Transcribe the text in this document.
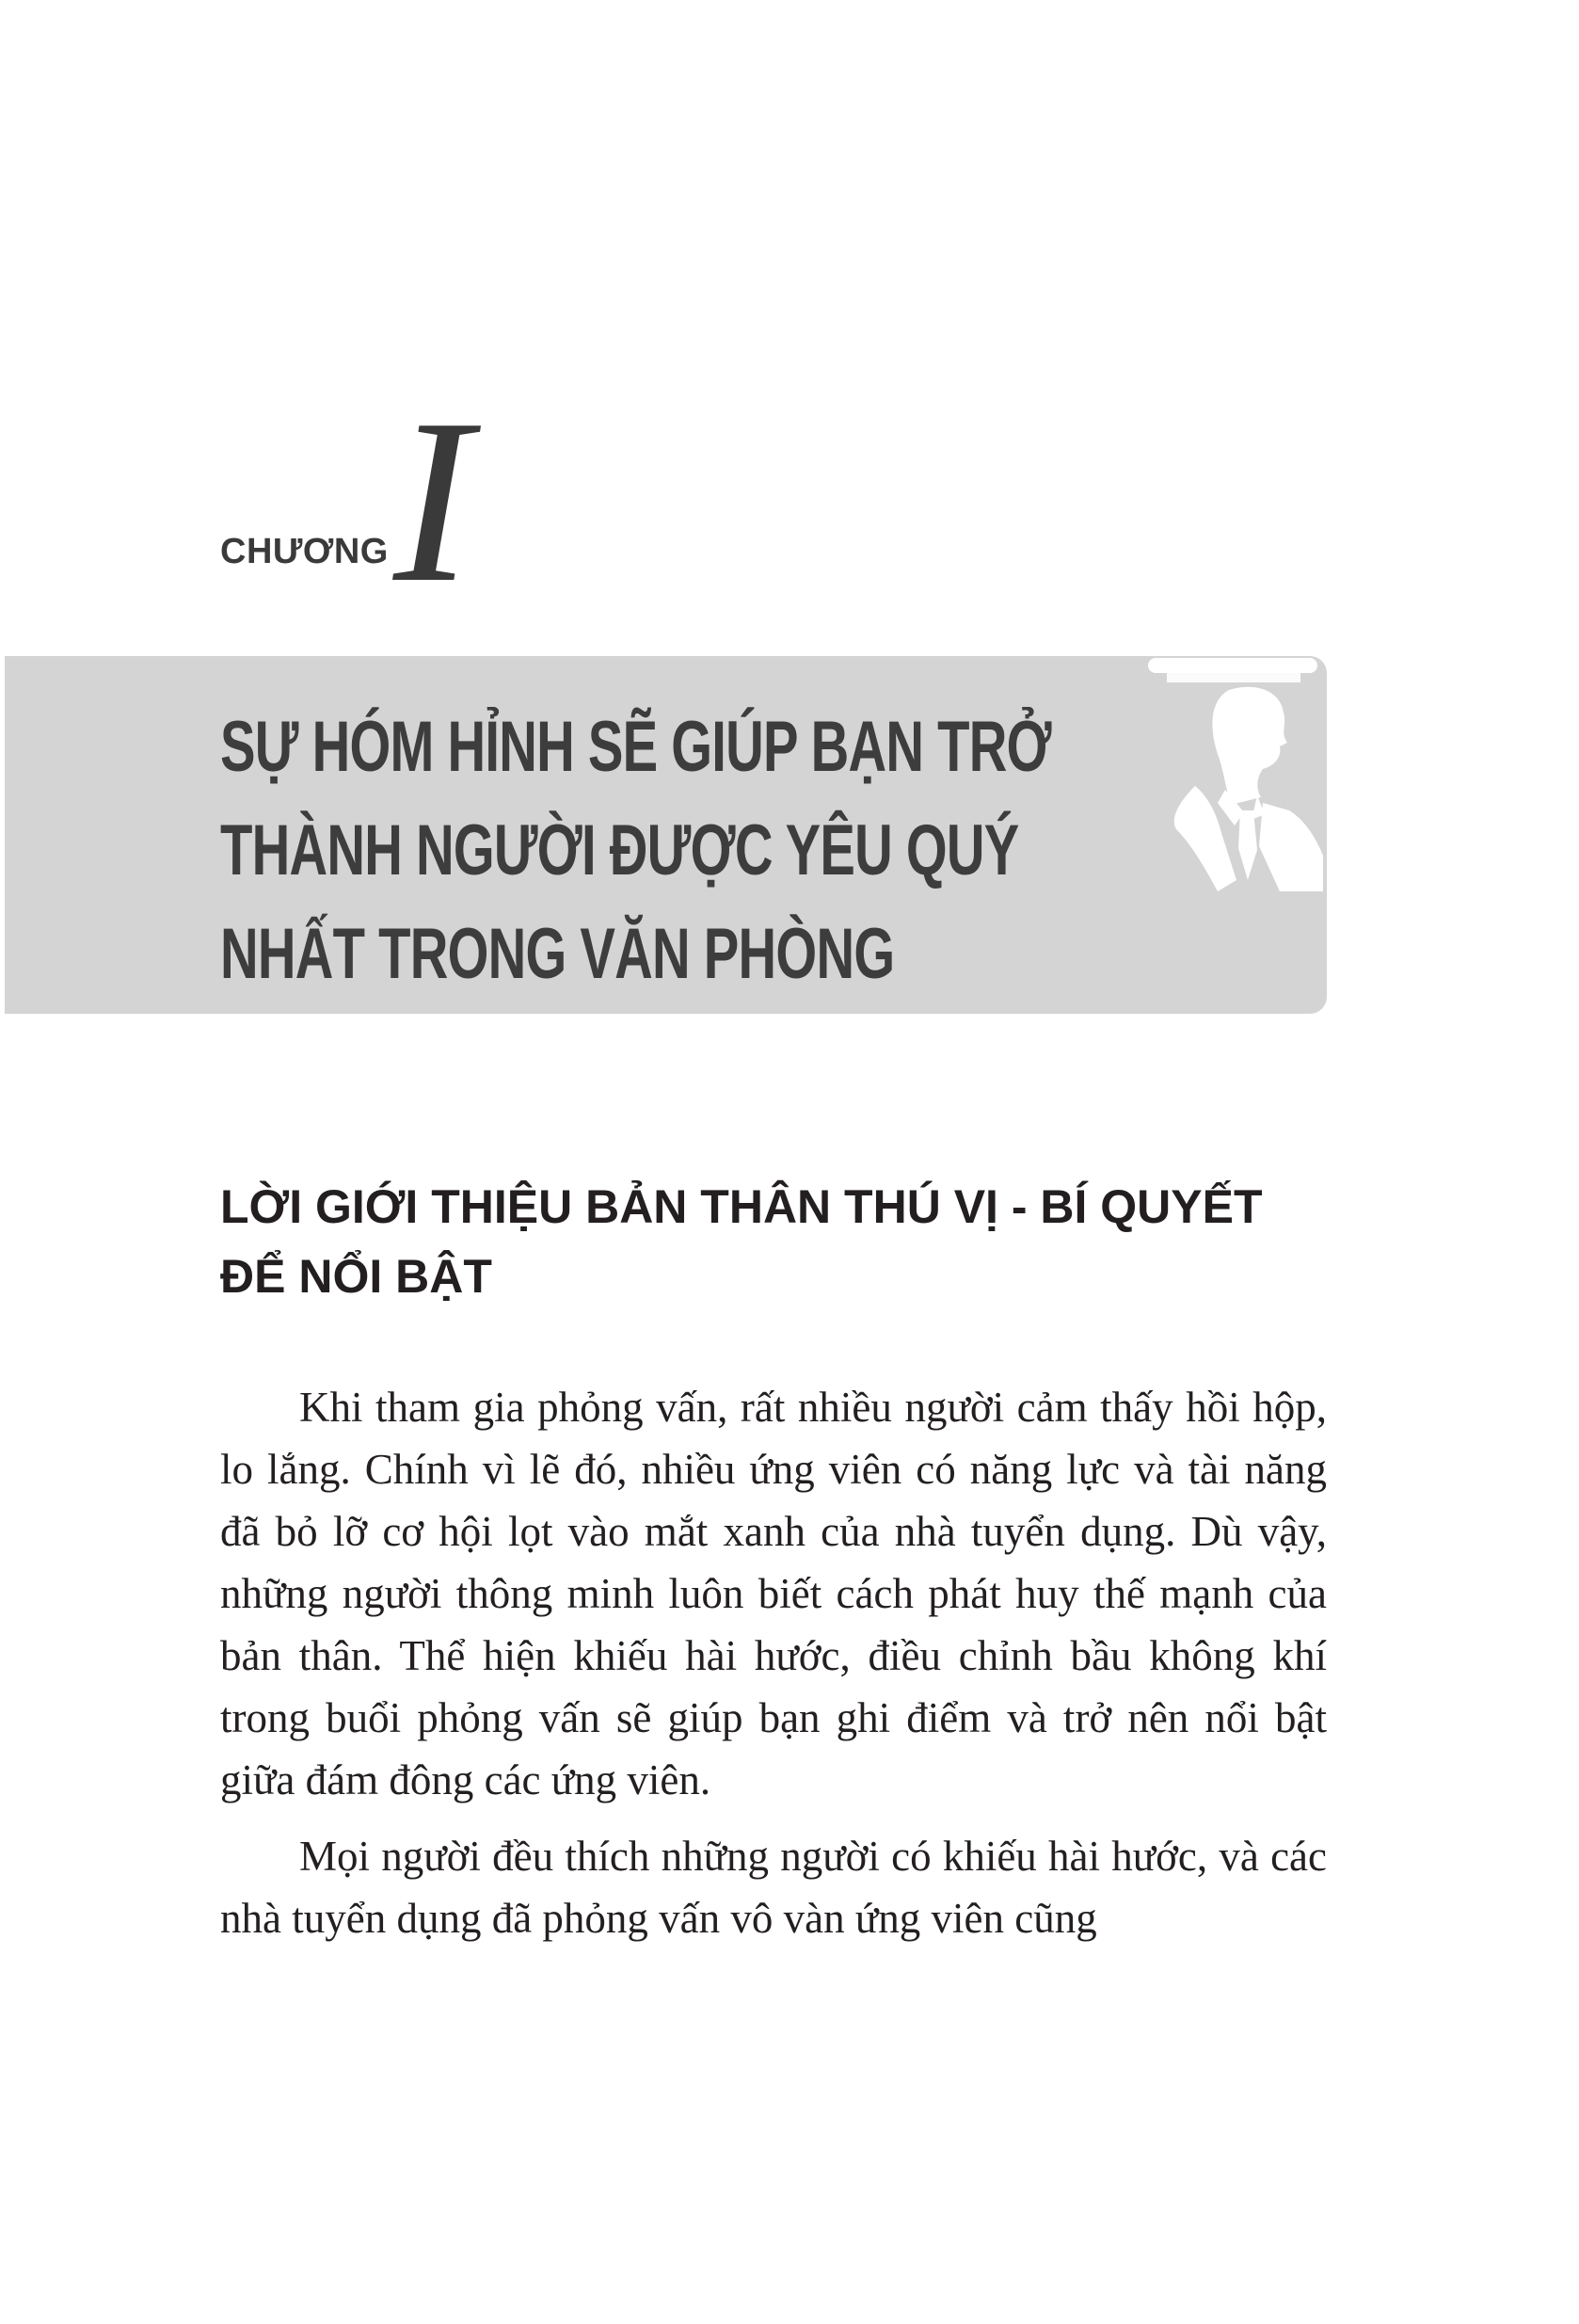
CHƯƠNG I
SỰ HÓM HỈNH SẼ GIÚP BẠN TRỞ
THÀNH NGƯỜI ĐƯỢC YÊU QUÝ
NHẤT TRONG VĂN PHÒNG
LỜI GIỚI THIỆU BẢN THÂN THÚ VỊ - BÍ QUYẾT ĐỂ NỔI BẬT

Khi tham gia phỏng vấn, rất nhiều người cảm thấy hồi hộp, lo lắng. Chính vì lẽ đó, nhiều ứng viên có năng lực và tài năng đã bỏ lỡ cơ hội lọt vào mắt xanh của nhà tuyển dụng. Dù vậy, những người thông minh luôn biết cách phát huy thế mạnh của bản thân. Thể hiện khiếu hài hước, điều chỉnh bầu không khí trong buổi phỏng vấn sẽ giúp bạn ghi điểm và trở nên nổi bật giữa đám đông các ứng viên.

Mọi người đều thích những người có khiếu hài hước, và các nhà tuyển dụng đã phỏng vấn vô vàn ứng viên cũng
